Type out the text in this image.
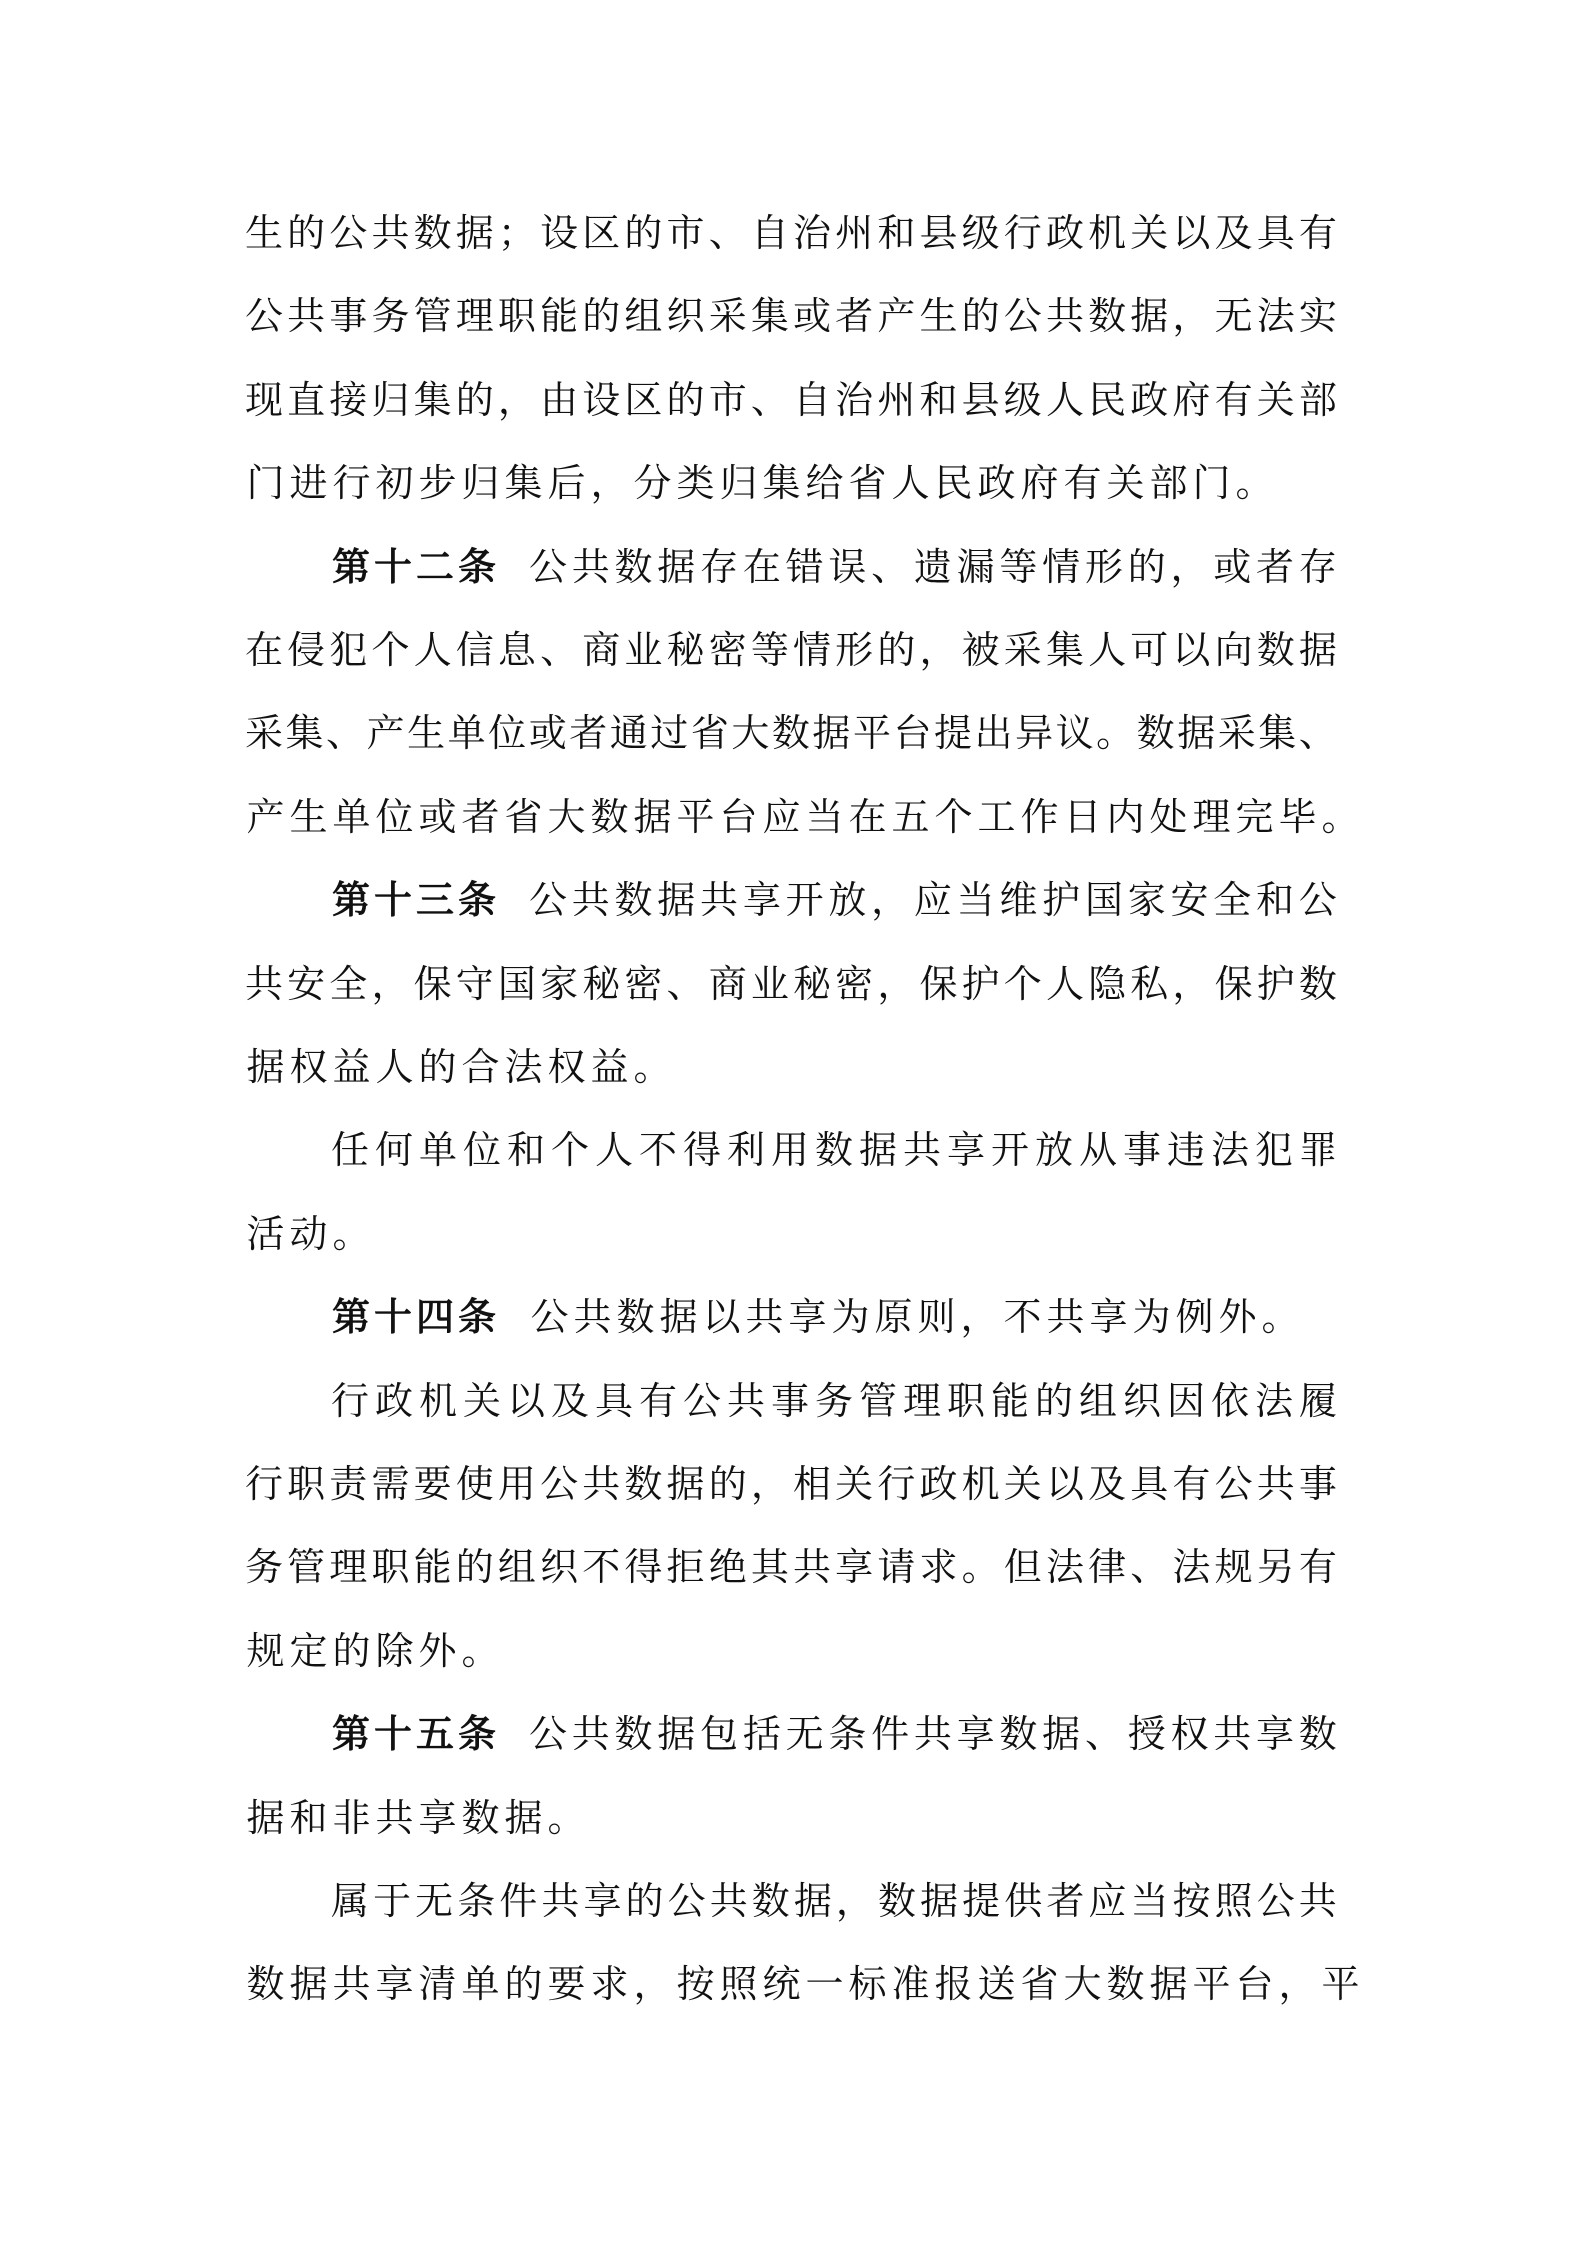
生 的 公 共 数 据 ； 设 区 的 市 、 自 治 州 和 县 级 行 政 机 关 以 及 具 有
公 共 事 务 管 理 职 能 的 组 织 采 集 或 者 产 生 的 公 共 数 据 ， 无 法 实
现 直 接 归 集 的 ， 由 设 区 的 市 、 自 治 州 和 县 级 人 民 政 府 有 关 部
门 进 行 初 步 归 集 后 ， 分 类 归 集 给 省 人 民 政 府 有 关 部 门 。
第 十 二 条 公 共 数 据 存 在 错 误 、 遗 漏 等 情 形 的 ， 或 者 存
在 侵 犯 个 人 信 息 、 商 业 秘 密 等 情 形 的 ， 被 采 集 人 可 以 向 数 据
采 集 、 产 生 单 位 或 者 通 过 省 大 数 据 平 台 提 出 异 议 。 数 据 采 集 、
产 生 单 位 或 者 省 大 数 据 平 台 应 当 在 五 个 工 作 日 内 处 理 完 毕 。
第 十 三 条 公 共 数 据 共 享 开 放 ， 应 当 维 护 国 家 安 全 和 公
共 安 全 ， 保 守 国 家 秘 密 、 商 业 秘 密 ， 保 护 个 人 隐 私 ， 保 护 数
据 权 益 人 的 合 法 权 益 。
任 何 单 位 和 个 人 不 得 利 用 数 据 共 享 开 放 从 事 违 法 犯 罪
活 动 。
第 十 四 条 公 共 数 据 以 共 享 为 原 则 ， 不 共 享 为 例 外 。
行 政 机 关 以 及 具 有 公 共 事 务 管 理 职 能 的 组 织 因 依 法 履
行 职 责 需 要 使 用 公 共 数 据 的 ， 相 关 行 政 机 关 以 及 具 有 公 共 事
务 管 理 职 能 的 组 织 不 得 拒 绝 其 共 享 请 求 。 但 法 律 、 法 规 另 有
规 定 的 除 外 。
第 十 五 条 公 共 数 据 包 括 无 条 件 共 享 数 据 、 授 权 共 享 数
据 和 非 共 享 数 据 。
属 于 无 条 件 共 享 的 公 共 数 据 ， 数 据 提 供 者 应 当 按 照 公 共
数 据 共 享 清 单 的 要 求 ， 按 照 统 一 标 准 报 送 省 大 数 据 平 台 ， 平
